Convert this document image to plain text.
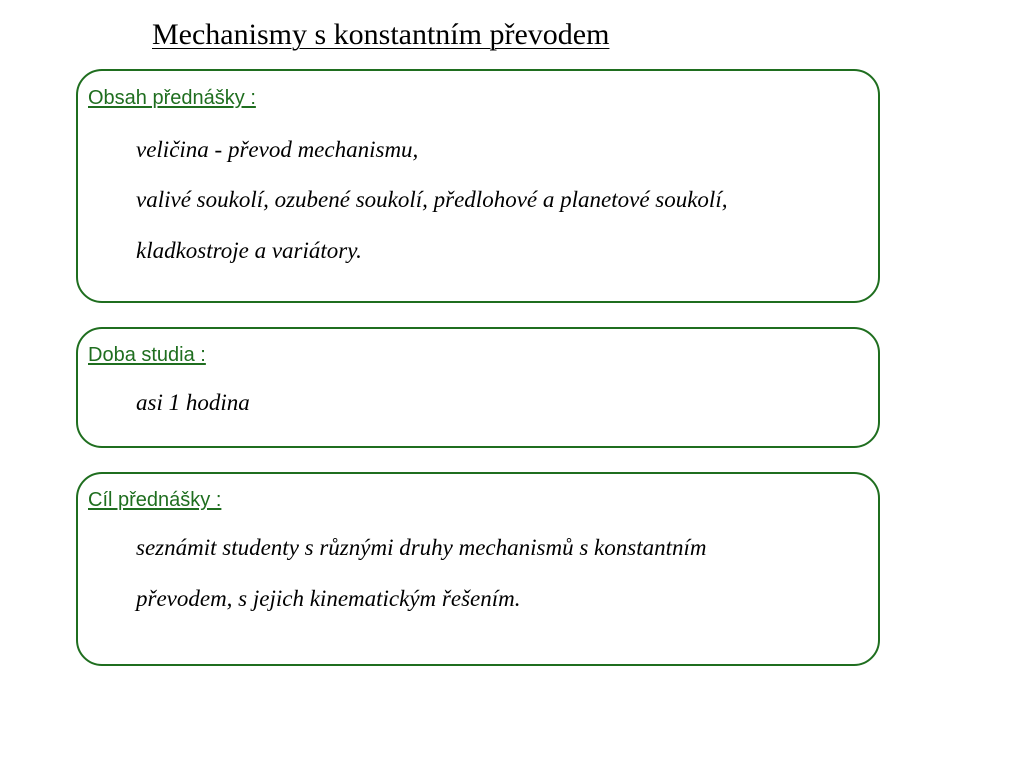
Mechanismy s konstantním převodem

Obsah přednášky :

veličina - převod mechanismu,

valivé soukolí, ozubené soukolí, předlohové a planetové soukolí,

kladkostroje a variátory.

Doba studia :

asi 1 hodina

Cíl přednášky :

seznámit studenty s různými druhy mechanismů s konstantním

převodem, s jejich kinematickým řešením.
